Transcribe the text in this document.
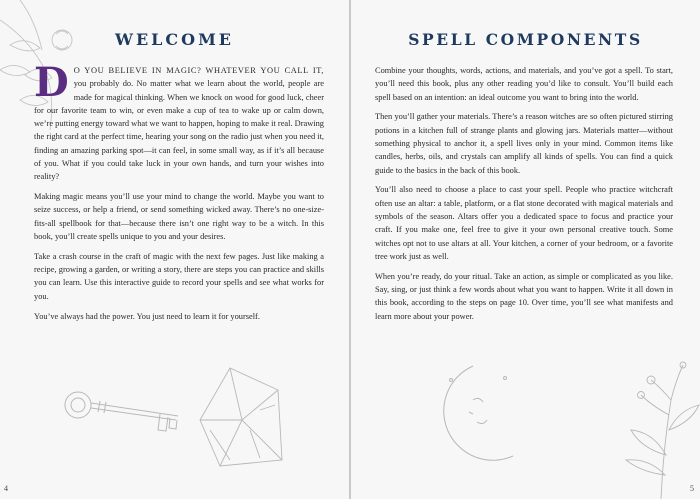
WELCOME

D O YOU BELIEVE IN MAGIC? WHATEVER YOU CALL IT, you probably do. No matter what we learn about the world, people are made for magical thinking. When we knock on wood for good luck, cheer for our favorite team to win, or even make a cup of tea to wake up or calm down, we’re putting energy toward what we want to happen, hoping to make it real. Drawing the right card at the perfect time, hearing your song on the radio just when you need it, finding an amazing parking spot—it can feel, in some small way, as if it’s all because of you. What if you could take luck in your own hands, and turn your wishes into reality?

Making magic means you’ll use your mind to change the world. Maybe you want to seize success, or help a friend, or send something wicked away. There’s no one-size-fits-all spellbook for that—because there isn’t one right way to be a witch. In this book, you’ll create spells unique to you and your desires.

Take a crash course in the craft of magic with the next few pages. Just like making a recipe, growing a garden, or writing a story, there are steps you can practice and skills you can learn. Use this interactive guide to record your spells and see what works for you.

You’ve always had the power. You just need to learn it for yourself.

4
SPELL COMPONENTS

Combine your thoughts, words, actions, and materials, and you’ve got a spell. To start, you’ll need this book, plus any other reading you’d like to consult. You’ll build each spell based on an intention: an ideal outcome you want to bring into the world.

Then you’ll gather your materials. There’s a reason witches are so often pictured stirring potions in a kitchen full of strange plants and glowing jars. Materials matter—without something physical to anchor it, a spell lives only in your mind. Common items like candles, herbs, oils, and crystals can amplify all kinds of spells. You can find a quick guide to the basics in the back of this book.

You’ll also need to choose a place to cast your spell. People who practice witchcraft often use an altar: a table, platform, or a flat stone decorated with magical materials and symbols of the season. Altars offer you a dedicated space to focus and practice your craft. If you make one, feel free to give it your own personal creative touch. Some witches opt not to use altars at all. Your kitchen, a corner of your bedroom, or a favorite tree work just as well.

When you’re ready, do your ritual. Take an action, as simple or complicated as you like. Say, sing, or just think a few words about what you want to happen. Write it all down in this book, according to the steps on page 10. Over time, you’ll see what manifests and learn more about your power.

5
